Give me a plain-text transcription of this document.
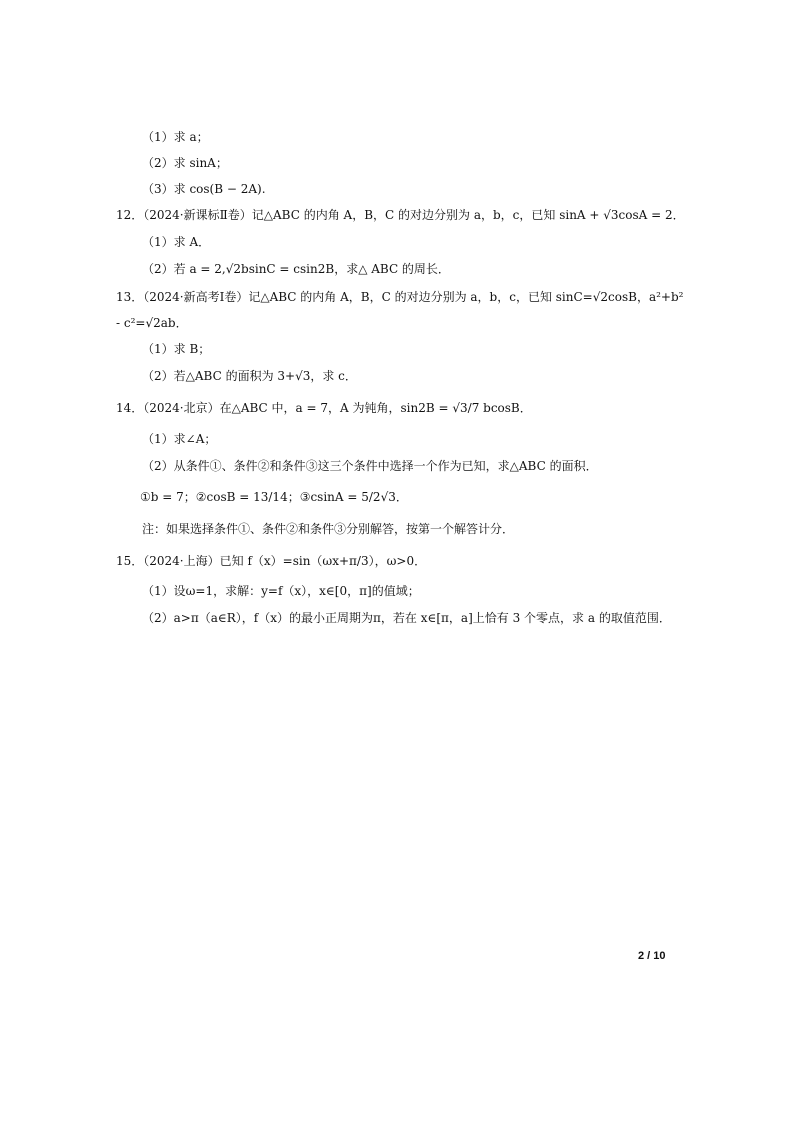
（1）求 a；
（2）求 sinA；
（3）求 cos(B − 2A).
12．（2024·新课标Ⅱ卷）记△ABC 的内角 A，B，C 的对边分别为 a，b，c，已知 sinA + √3cosA = 2．
（1）求 A．
（2）若 a = 2,√2bsinC = csin2B，求△ ABC 的周长．
13．（2024·新高考Ⅰ卷）记△ABC 的内角 A，B，C 的对边分别为 a，b，c，已知 sinC=√2cosB，a²+b²
- c²=√2ab．
（1）求 B；
（2）若△ABC 的面积为 3+√3，求 c．
14．（2024·北京）在△ABC 中，a = 7，A 为钝角，sin2B = √3/7 bcosB．
（1）求∠A；
（2）从条件①、条件②和条件③这三个条件中选择一个作为已知，求△ABC 的面积．
①b = 7；②cosB = 13/14；③csinA = 5/2√3．
注：如果选择条件①、条件②和条件③分别解答，按第一个解答计分．
15．（2024·上海）已知 f（x）=sin（ωx+π/3），ω>0．
（1）设ω=1，求解：y=f（x），x∈[0，π]的值域；
（2）a>π（a∈R），f（x）的最小正周期为π，若在 x∈[π，a]上恰有 3 个零点，求 a 的取值范围．
2 / 10
